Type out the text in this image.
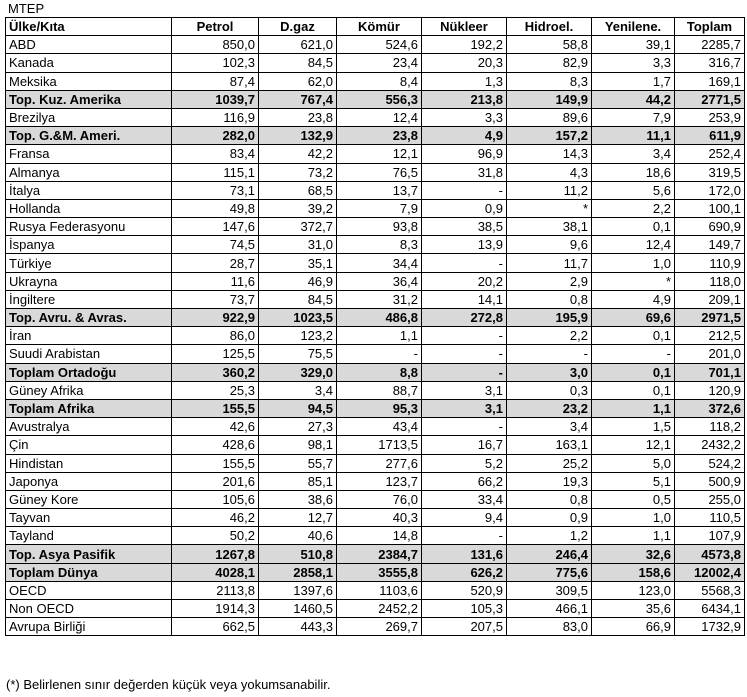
MTEP
Ülke/Kıta	Petrol	D.gaz	Kömür	Nükleer	Hidroel.	Yenilene.	Toplam
ABD	850,0	621,0	524,6	192,2	58,8	39,1	2285,7
Kanada	102,3	84,5	23,4	20,3	82,9	3,3	316,7
Meksika	87,4	62,0	8,4	1,3	8,3	1,7	169,1
Top. Kuz. Amerika	1039,7	767,4	556,3	213,8	149,9	44,2	2771,5
Brezilya	116,9	23,8	12,4	3,3	89,6	7,9	253,9
Top. G.&M. Ameri.	282,0	132,9	23,8	4,9	157,2	11,1	611,9
Fransa	83,4	42,2	12,1	96,9	14,3	3,4	252,4
Almanya	115,1	73,2	76,5	31,8	4,3	18,6	319,5
İtalya	73,1	68,5	13,7	-	11,2	5,6	172,0
Hollanda	49,8	39,2	7,9	0,9	*	2,2	100,1
Rusya Federasyonu	147,6	372,7	93,8	38,5	38,1	0,1	690,9
İspanya	74,5	31,0	8,3	13,9	9,6	12,4	149,7
Türkiye	28,7	35,1	34,4	-	11,7	1,0	110,9
Ukrayna	11,6	46,9	36,4	20,2	2,9	*	118,0
İngiltere	73,7	84,5	31,2	14,1	0,8	4,9	209,1
Top. Avru. & Avras.	922,9	1023,5	486,8	272,8	195,9	69,6	2971,5
İran	86,0	123,2	1,1	-	2,2	0,1	212,5
Suudi Arabistan	125,5	75,5	-	-	-	-	201,0
Toplam Ortadoğu	360,2	329,0	8,8	-	3,0	0,1	701,1
Güney Afrika	25,3	3,4	88,7	3,1	0,3	0,1	120,9
Toplam Afrika	155,5	94,5	95,3	3,1	23,2	1,1	372,6
Avustralya	42,6	27,3	43,4	-	3,4	1,5	118,2
Çin	428,6	98,1	1713,5	16,7	163,1	12,1	2432,2
Hindistan	155,5	55,7	277,6	5,2	25,2	5,0	524,2
Japonya	201,6	85,1	123,7	66,2	19,3	5,1	500,9
Güney Kore	105,6	38,6	76,0	33,4	0,8	0,5	255,0
Tayvan	46,2	12,7	40,3	9,4	0,9	1,0	110,5
Tayland	50,2	40,6	14,8	-	1,2	1,1	107,9
Top. Asya Pasifik	1267,8	510,8	2384,7	131,6	246,4	32,6	4573,8
Toplam Dünya	4028,1	2858,1	3555,8	626,2	775,6	158,6	12002,4
OECD	2113,8	1397,6	1103,6	520,9	309,5	123,0	5568,3
Non OECD	1914,3	1460,5	2452,2	105,3	466,1	35,6	6434,1
Avrupa Birliği	662,5	443,3	269,7	207,5	83,0	66,9	1732,9
(*) Belirlenen sınır değerden küçük veya yokumsanabilir.
